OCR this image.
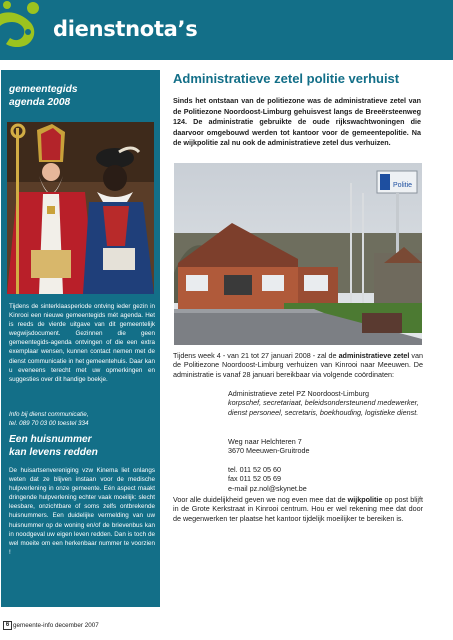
dienstnota’s
gemeentegids
agenda 2008
Tijdens de sinterklaasperiode ontving ieder gezin in Kinrooi een nieuwe gemeentegids mét agenda. Het is reeds de vierde uitgave van dit gemeentelijk wegwijsdocument. Gezinnen die geen gemeentegids-agenda ontvingen of die een extra exemplaar wensen, kunnen contact nemen met de dienst communicatie in het gemeentehuis. Daar kan u eveneens terecht met uw opmerkingen en suggesties over dit handige boekje.
Info bij dienst communicatie,
tel. 089 70 03 00 toestel 334
Een huisnummer
kan levens redden
De huisartsenvereniging vzw Kinema liet onlangs weten dat ze blijven instaan voor de medische hulpverlening in onze gemeente. Eén aspect maakt dringende hulpverlening echter vaak moeilijk: slecht leesbare, onzichtbare of soms zelfs ontbrekende huisnummers. Een duidelijke vermelding van uw huisnummer op de woning en/of de brievenbus kan in noodgeval uw eigen leven redden. Dan is toch de wel moeite om een herkenbaar nummer te voorzien !
Administratieve zetel politie verhuist
Sinds het ontstaan van de politiezone was de administratieve zetel van de Politiezone Noordoost-Limburg gehuisvest langs de Breeërsteenweg 124. De administratie gebruikte de oude rijkswachtwoningen die daarvoor omgebouwd werden tot kantoor voor de gemeentepolitie. Na de wijkpolitie zal nu ook de administratieve zetel dus verhuizen.
Politie
Tijdens week 4 - van 21 tot 27 januari 2008 - zal de administratieve zetel van de Politiezone Noordoost-Limburg verhuizen van Kinrooi naar Meeuwen. De administratie is vanaf 28 januari bereikbaar via volgende coördinaten:
Administratieve zetel PZ Noordoost-Limburg
korpschef, secretariaat, beleidsondersteunend medewerker, dienst personeel, secretaris, boekhouding, logistieke dienst.
Weg naar Helchteren 7
3670 Meeuwen-Gruitrode
tel. 011 52 05 60
fax 011 52 05 69
e-mail pz.nol@skynet.be
Voor alle duidelijkheid geven we nog even mee dat de wijkpolitie op post blijft in de Grote Kerkstraat in Kinrooi centrum. Hou er wel rekening mee dat door de wegenwerken ter plaatse het kantoor tijdelijk moeilijker te bereiken is.
6 gemeente-info december 2007
